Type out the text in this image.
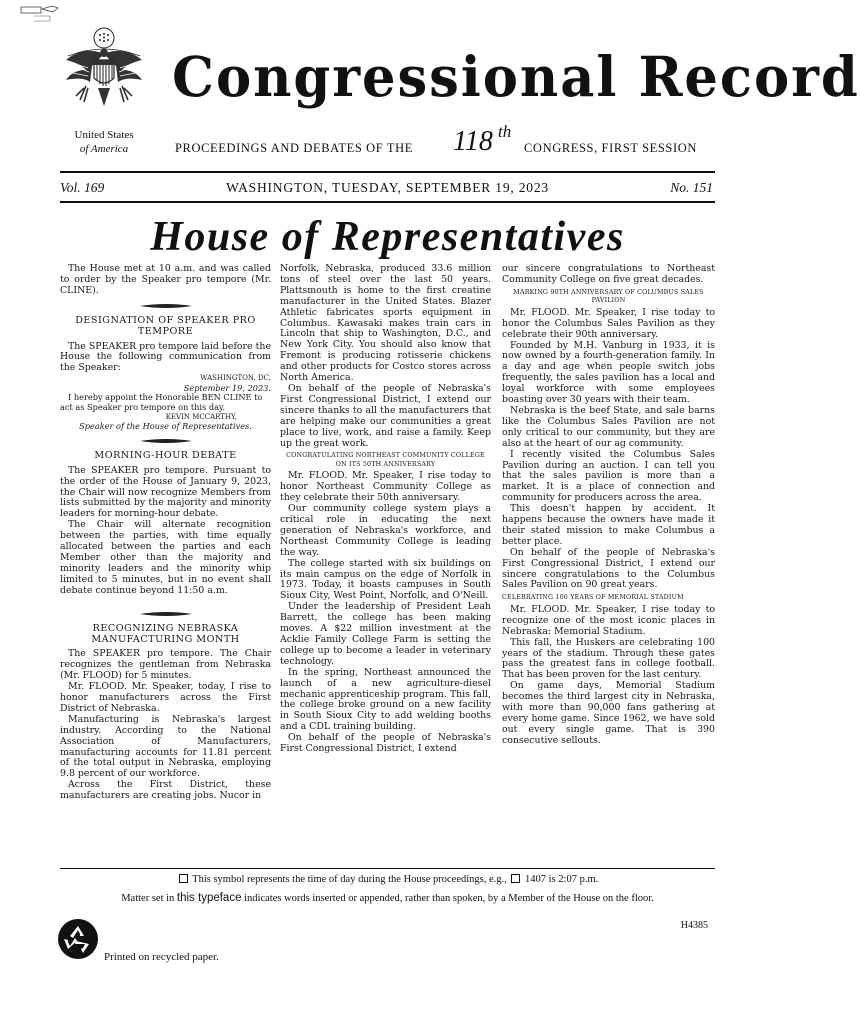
United States
of America
Congressional Record
PROCEEDINGS AND DEBATES OF THE 118 th
CONGRESS, FIRST SESSION
Vol. 169	WASHINGTON, TUESDAY, SEPTEMBER 19, 2023	No. 151
House of Representatives

The House met at 10 a.m. and was called to order by the Speaker pro tempore (Mr. CLINE).

DESIGNATION OF SPEAKER PRO TEMPORE

The SPEAKER pro tempore laid before the House the following communication from the Speaker:

WASHINGTON, DC,
September 19, 2023.

I hereby appoint the Honorable BEN CLINE to act as Speaker pro tempore on this day.

KEVIN MCCARTHY,
Speaker of the House of Representatives.
MORNING-HOUR DEBATE

The SPEAKER pro tempore. Pursuant to the order of the House of January 9, 2023, the Chair will now recognize Members from lists submitted by the majority and minority leaders for morning-hour debate.

The Chair will alternate recognition between the parties, with time equally allocated between the parties and each Member other than the majority and minority leaders and the minority whip limited to 5 minutes, but in no event shall debate continue beyond 11:50 a.m.

RECOGNIZING NEBRASKA MANUFACTURING MONTH

The SPEAKER pro tempore. The Chair recognizes the gentleman from Nebraska (Mr. FLOOD) for 5 minutes.

Mr. FLOOD. Mr. Speaker, today, I rise to honor manufacturers across the First District of Nebraska.

Manufacturing is Nebraska's largest industry. According to the National Association of Manufacturers, manufacturing accounts for 11.81 percent of the total output in Nebraska, employing 9.8 percent of our workforce.

Across the First District, these manufacturers are creating jobs. Nucor in

Norfolk, Nebraska, produced 33.6 million tons of steel over the last 50 years. Plattsmouth is home to the first creatine manufacturer in the United States. Blazer Athletic fabricates sports equipment in Columbus. Kawasaki makes train cars in Lincoln that ship to Washington, D.C., and New York City. You should also know that Fremont is producing rotisserie chickens and other products for Costco stores across North America.

On behalf of the people of Nebraska's First Congressional District, I extend our sincere thanks to all the manufacturers that are helping make our communities a great place to live, work, and raise a family. Keep up the great work.

CONGRATULATING NORTHEAST COMMUNITY COLLEGE ON ITS 50TH ANNIVERSARY

Mr. FLOOD. Mr. Speaker, I rise today to honor Northeast Community College as they celebrate their 50th anniversary.

Our community college system plays a critical role in educating the next generation of Nebraska's workforce, and Northeast Community College is leading the way.

The college started with six buildings on its main campus on the edge of Norfolk in 1973. Today, it boasts campuses in South Sioux City, West Point, Norfolk, and O'Neill.

Under the leadership of President Leah Barrett, the college has been making moves. A $22 million investment at the Acklie Family College Farm is setting the college up to become a leader in veterinary technology.

In the spring, Northeast announced the launch of a new agriculture-diesel mechanic apprenticeship program. This fall, the college broke ground on a new facility in South Sioux City to add welding booths and a CDL training building.

On behalf of the people of Nebraska's First Congressional District, I extend

our sincere congratulations to Northeast Community College on five great decades.

MARKING 90TH ANNIVERSARY OF COLUMBUS SALES PAVILION

Mr. FLOOD. Mr. Speaker, I rise today to honor the Columbus Sales Pavilion as they celebrate their 90th anniversary.

Founded by M.H. Vanburg in 1933, it is now owned by a fourth-generation family. In a day and age when people switch jobs frequently, the sales pavilion has a local and loyal workforce with some employees boasting over 30 years with their team.

Nebraska is the beef State, and sale barns like the Columbus Sales Pavilion are not only critical to our community, but they are also at the heart of our ag community.

I recently visited the Columbus Sales Pavilion during an auction. I can tell you that the sales pavilion is more than a market. It is a place of connection and community for producers across the area.

This doesn't happen by accident. It happens because the owners have made it their stated mission to make Columbus a better place.

On behalf of the people of Nebraska's First Congressional District, I extend our sincere congratulations to the Columbus Sales Pavilion on 90 great years.

CELEBRATING 100 YEARS OF MEMORIAL STADIUM

Mr. FLOOD. Mr. Speaker, I rise today to recognize one of the most iconic places in Nebraska: Memorial Stadium.

This fall, the Huskers are celebrating 100 years of the stadium. Through these gates pass the greatest fans in college football. That has been proven for the last century.

On game days, Memorial Stadium becomes the third largest city in Nebraska, with more than 90,000 fans gathering at every home game. Since 1962, we have sold out every single game. That is 390 consecutive sellouts.

This symbol represents the time of day during the House proceedings, e.g., 1407 is 2:07 p.m.
Matter set in this typeface indicates words inserted or appended, rather than spoken, by a Member of the House on the floor.
H4385
Printed on recycled paper.
